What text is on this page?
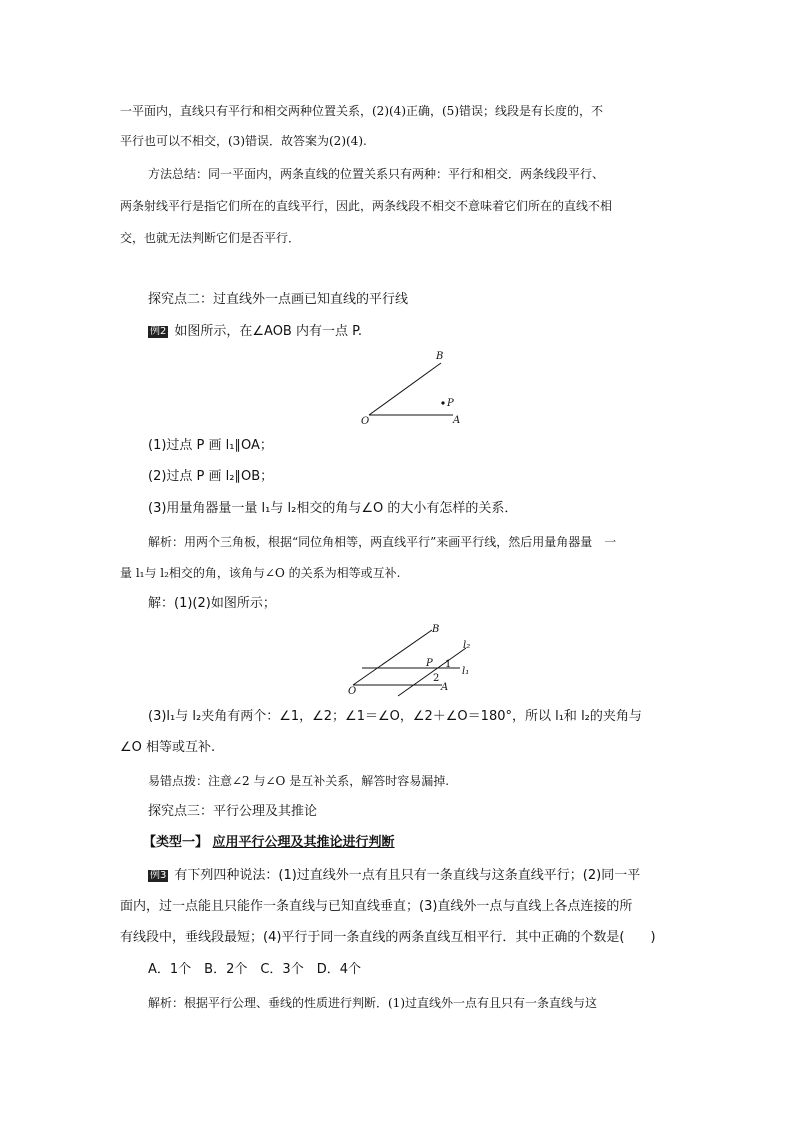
一平面内，直线只有平行和相交两种位置关系，(2)(4)正确，(5)错误；线段是有长度的，不
平行也可以不相交，(3)错误．故答案为(2)(4).
方法总结：同一平面内，两条直线的位置关系只有两种：平行和相交．两条线段平行、
两条射线平行是指它们所在的直线平行，因此，两条线段不相交不意味着它们所在的直线不相
交，也就无法判断它们是否平行．
探究点二：过直线外一点画已知直线的平行线
例2 如图所示，在∠AOB 内有一点 P.
B
P
O	A
(1)过点 P 画 l₁∥OA；
(2)过点 P 画 l₂∥OB；
(3)用量角器量一量 l₁与 l₂相交的角与∠O 的大小有怎样的关系．
解析：用两个三角板，根据“同位角相等，两直线平行”来画平行线，然后用量角器量　一
量 l₁与 l₂相交的角，该角与∠O 的关系为相等或互补.
解：(1)(2)如图所示；
B
l₂
P 1
l₁
2
O	A
(3)l₁与 l₂夹角有两个：∠1，∠2；∠1＝∠O，∠2＋∠O＝180°，所以 l₁和 l₂的夹角与
∠O 相等或互补.
易错点拨：注意∠2 与∠O 是互补关系，解答时容易漏掉.
探究点三：平行公理及其推论
【类型一】 应用平行公理及其推论进行判断
例3 有下列四种说法：(1)过直线外一点有且只有一条直线与这条直线平行；(2)同一平
面内，过一点能且只能作一条直线与已知直线垂直；(3)直线外一点与直线上各点连接的所
有线段中，垂线段最短；(4)平行于同一条直线的两条直线互相平行．其中正确的个数是(　　)
A．1个　B．2个　C．3个　D．4个
解析：根据平行公理、垂线的性质进行判断．(1)过直线外一点有且只有一条直线与这
